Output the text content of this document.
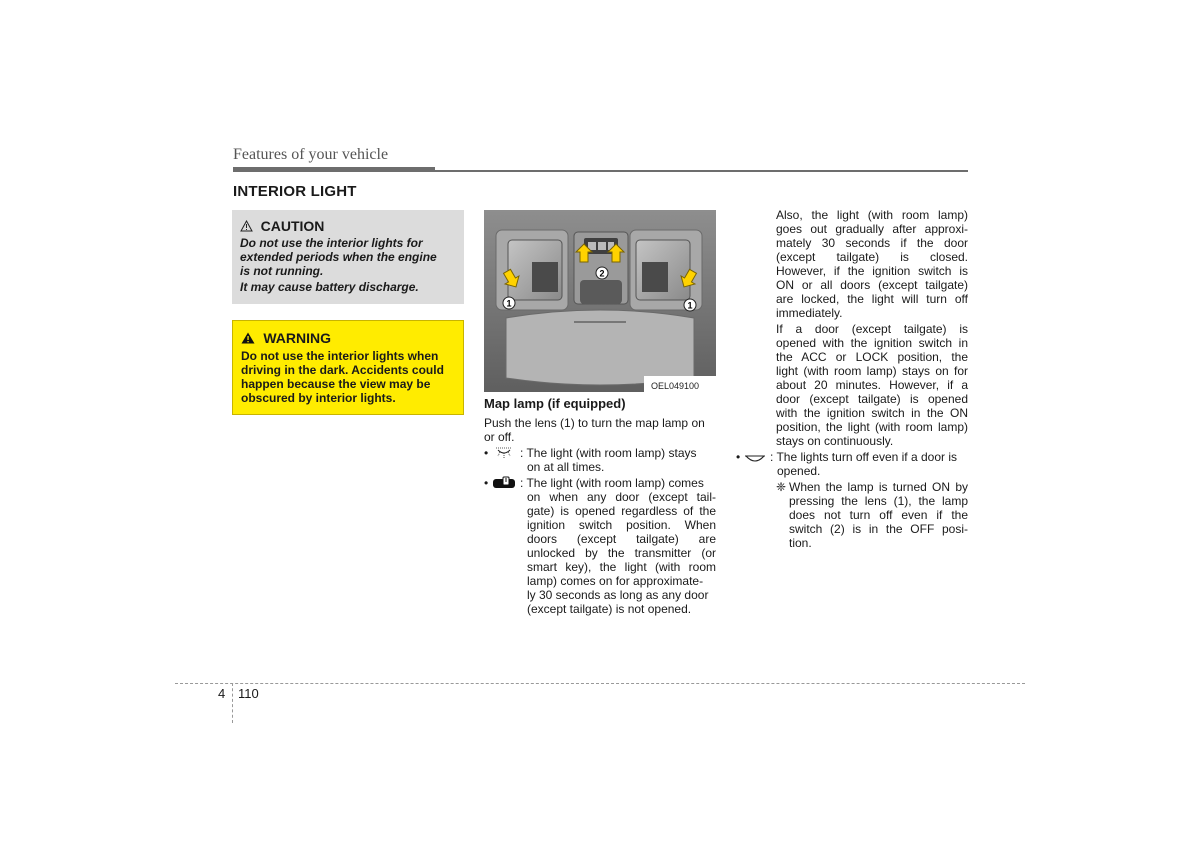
Features of your vehicle
INTERIOR LIGHT
CAUTION
Do not use the interior lights for
extended periods when the engine
is not running.
It may cause battery discharge.
WARNING
Do not use the interior lights when
driving in the dark. Accidents could
happen because the view may be
obscured by interior lights.
1
2
1
OEL049100
Map lamp (if equipped)
Push the lens (1) to turn the map lamp on
or off.
•	: The light (with room lamp) stays
on at all times.
•	: The light (with room lamp) comes
on when any door (except tail-
gate) is opened regardless of the
ignition switch position. When
doors (except tailgate) are
unlocked by the transmitter (or
smart key), the light (with room
lamp) comes on for approximate-
ly 30 seconds as long as any door
(except tailgate) is not opened.
Also, the light (with room lamp)
goes out gradually after approxi-
mately 30 seconds if the door
(except tailgate) is closed.
However, if the ignition switch is
ON or all doors (except tailgate)
are locked, the light will turn off
immediately.
If a door (except tailgate) is
opened with the ignition switch in
the ACC or LOCK position, the
light (with room lamp) stays on for
about 20 minutes. However, if a
door (except tailgate) is opened
with the ignition switch in the ON
position, the light (with room lamp)
stays on continuously.
• : The lights turn off even if a door is
opened.
❈ When the lamp is turned ON by
pressing the lens (1), the lamp
does not turn off even if the
switch (2) is in the OFF posi-
tion.
4 110
